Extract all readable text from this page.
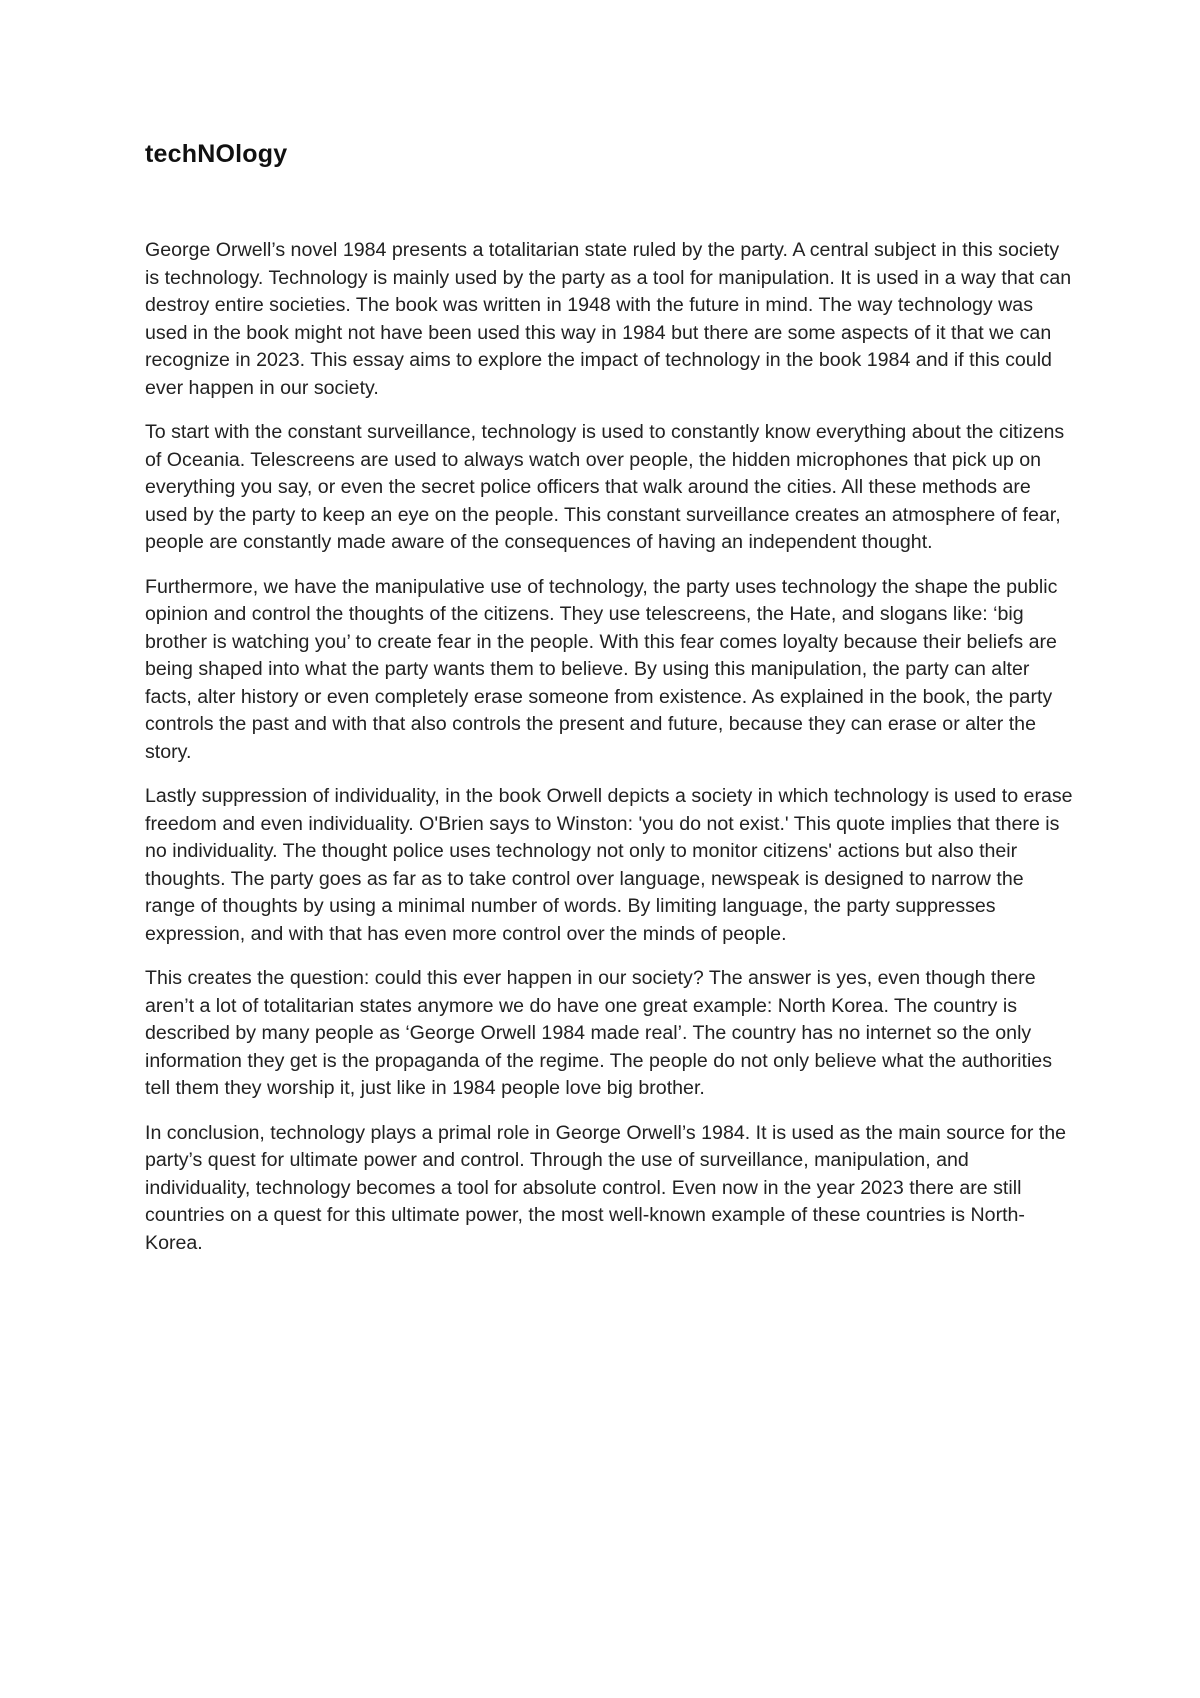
techNOlogy

George Orwell’s novel 1984 presents a totalitarian state ruled by the party. A central subject in this society is technology. Technology is mainly used by the party as a tool for manipulation. It is used in a way that can destroy entire societies. The book was written in 1948 with the future in mind. The way technology was used in the book might not have been used this way in 1984 but there are some aspects of it that we can recognize in 2023. This essay aims to explore the impact of technology in the book 1984 and if this could ever happen in our society.

To start with the constant surveillance, technology is used to constantly know everything about the citizens of Oceania. Telescreens are used to always watch over people, the hidden microphones that pick up on everything you say, or even the secret police officers that walk around the cities. All these methods are used by the party to keep an eye on the people. This constant surveillance creates an atmosphere of fear, people are constantly made aware of the consequences of having an independent thought.

Furthermore, we have the manipulative use of technology, the party uses technology the shape the public opinion and control the thoughts of the citizens. They use telescreens, the Hate, and slogans like: ‘big brother is watching you’ to create fear in the people. With this fear comes loyalty because their beliefs are being shaped into what the party wants them to believe. By using this manipulation, the party can alter facts, alter history or even completely erase someone from existence. As explained in the book, the party controls the past and with that also controls the present and future, because they can erase or alter the story.

Lastly suppression of individuality, in the book Orwell depicts a society in which technology is used to erase freedom and even individuality. O'Brien says to Winston: 'you do not exist.' This quote implies that there is no individuality. The thought police uses technology not only to monitor citizens' actions but also their thoughts. The party goes as far as to take control over language, newspeak is designed to narrow the range of thoughts by using a minimal number of words. By limiting language, the party suppresses expression, and with that has even more control over the minds of people.

This creates the question: could this ever happen in our society? The answer is yes, even though there aren’t a lot of totalitarian states anymore we do have one great example: North Korea. The country is described by many people as ‘George Orwell 1984 made real’. The country has no internet so the only information they get is the propaganda of the regime. The people do not only believe what the authorities tell them they worship it, just like in 1984 people love big brother.

In conclusion, technology plays a primal role in George Orwell’s 1984. It is used as the main source for the party’s quest for ultimate power and control. Through the use of surveillance, manipulation, and individuality, technology becomes a tool for absolute control. Even now in the year 2023 there are still countries on a quest for this ultimate power, the most well-known example of these countries is North- Korea.
